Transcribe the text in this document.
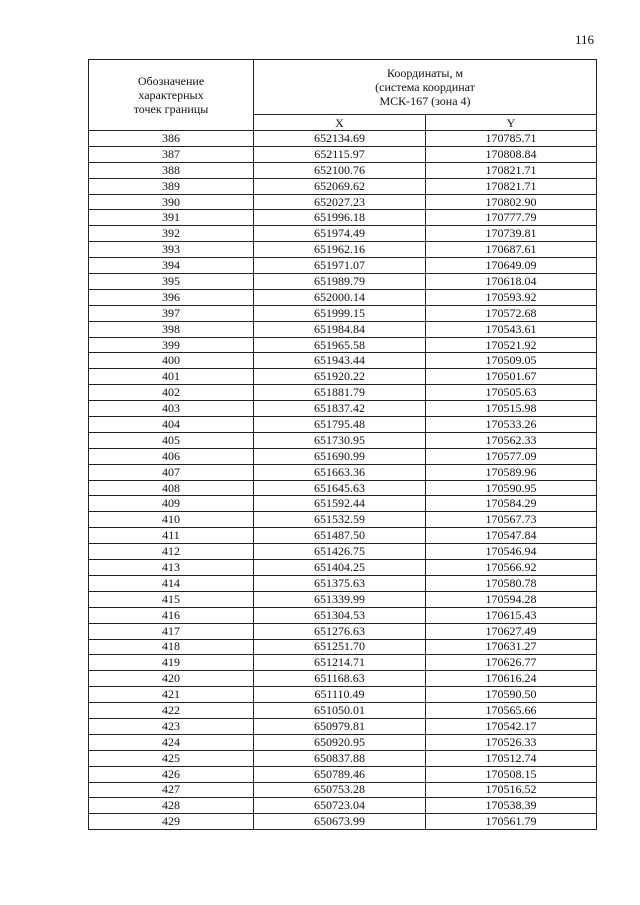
116
Обозначение
характерных
точек границы	Координаты, м
(система координат
МСК-167 (зона 4)	

	X	Y
386	652134.69	170785.71
387	652115.97	170808.84
388	652100.76	170821.71
389	652069.62	170821.71
390	652027.23	170802.90
391	651996.18	170777.79
392	651974.49	170739.81
393	651962.16	170687.61
394	651971.07	170649.09
395	651989.79	170618.04
396	652000.14	170593.92
397	651999.15	170572.68
398	651984.84	170543.61
399	651965.58	170521.92
400	651943.44	170509.05
401	651920.22	170501.67
402	651881.79	170505.63
403	651837.42	170515.98
404	651795.48	170533.26
405	651730.95	170562.33
406	651690.99	170577.09
407	651663.36	170589.96
408	651645.63	170590.95
409	651592.44	170584.29
410	651532.59	170567.73
411	651487.50	170547.84
412	651426.75	170546.94
413	651404.25	170566.92
414	651375.63	170580.78
415	651339.99	170594.28
416	651304.53	170615.43
417	651276.63	170627.49
418	651251.70	170631.27
419	651214.71	170626.77
420	651168.63	170616.24
421	651110.49	170590.50
422	651050.01	170565.66
423	650979.81	170542.17
424	650920.95	170526.33
425	650837.88	170512.74
426	650789.46	170508.15
427	650753.28	170516.52
428	650723.04	170538.39
429	650673.99	170561.79
